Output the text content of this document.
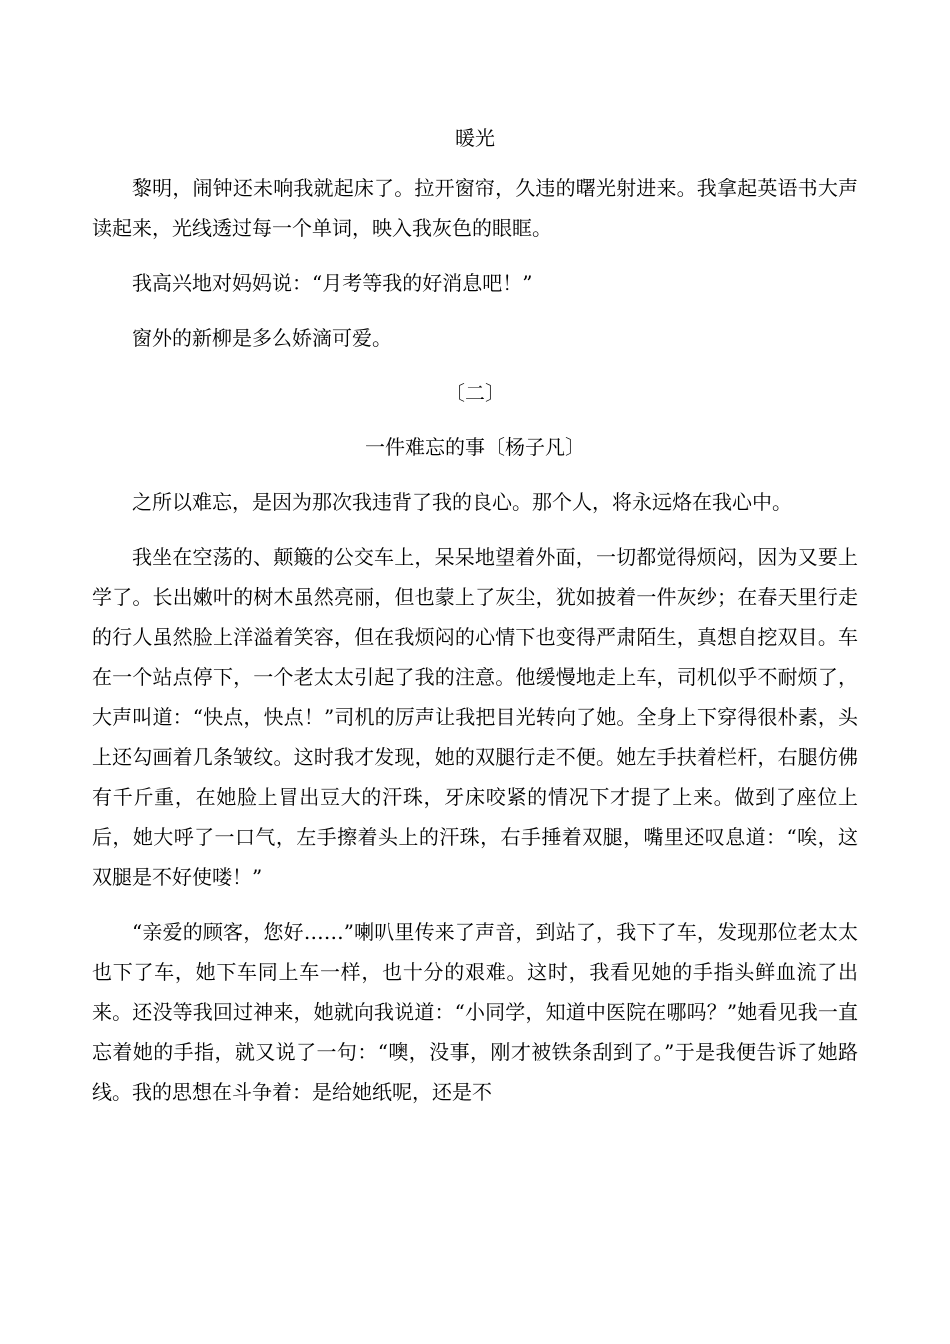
暖光

黎明，闹钟还未响我就起床了。拉开窗帘，久违的曙光射进来。我拿起英语书大声读起来，光线透过每一个单词，映入我灰色的眼眶。

我高兴地对妈妈说：“月考等我的好消息吧！”

窗外的新柳是多么娇滴可爱。

〔二〕

一件难忘的事〔杨子凡〕

之所以难忘，是因为那次我违背了我的良心。那个人，将永远烙在我心中。

我坐在空荡的、颠簸的公交车上，呆呆地望着外面，一切都觉得烦闷，因为又要上学了。长出嫩叶的树木虽然亮丽，但也蒙上了灰尘，犹如披着一件灰纱；在春天里行走的行人虽然脸上洋溢着笑容，但在我烦闷的心情下也变得严肃陌生，真想自挖双目。车在一个站点停下，一个老太太引起了我的注意。他缓慢地走上车，司机似乎不耐烦了，大声叫道：“快点，快点！”司机的厉声让我把目光转向了她。全身上下穿得很朴素，头上还勾画着几条皱纹。这时我才发现，她的双腿行走不便。她左手扶着栏杆，右腿仿佛有千斤重，在她脸上冒出豆大的汗珠，牙床咬紧的情况下才提了上来。做到了座位上后，她大呼了一口气，左手擦着头上的汗珠，右手捶着双腿，嘴里还叹息道：“唉，这双腿是不好使喽！”

“亲爱的顾客，您好……”喇叭里传来了声音，到站了，我下了车，发现那位老太太也下了车，她下车同上车一样，也十分的艰难。这时，我看见她的手指头鲜血流了出来。还没等我回过神来，她就向我说道：“小同学，知道中医院在哪吗？”她看见我一直忘着她的手指，就又说了一句：“噢，没事，刚才被铁条刮到了。”于是我便告诉了她路线。我的思想在斗争着：是给她纸呢，还是不
